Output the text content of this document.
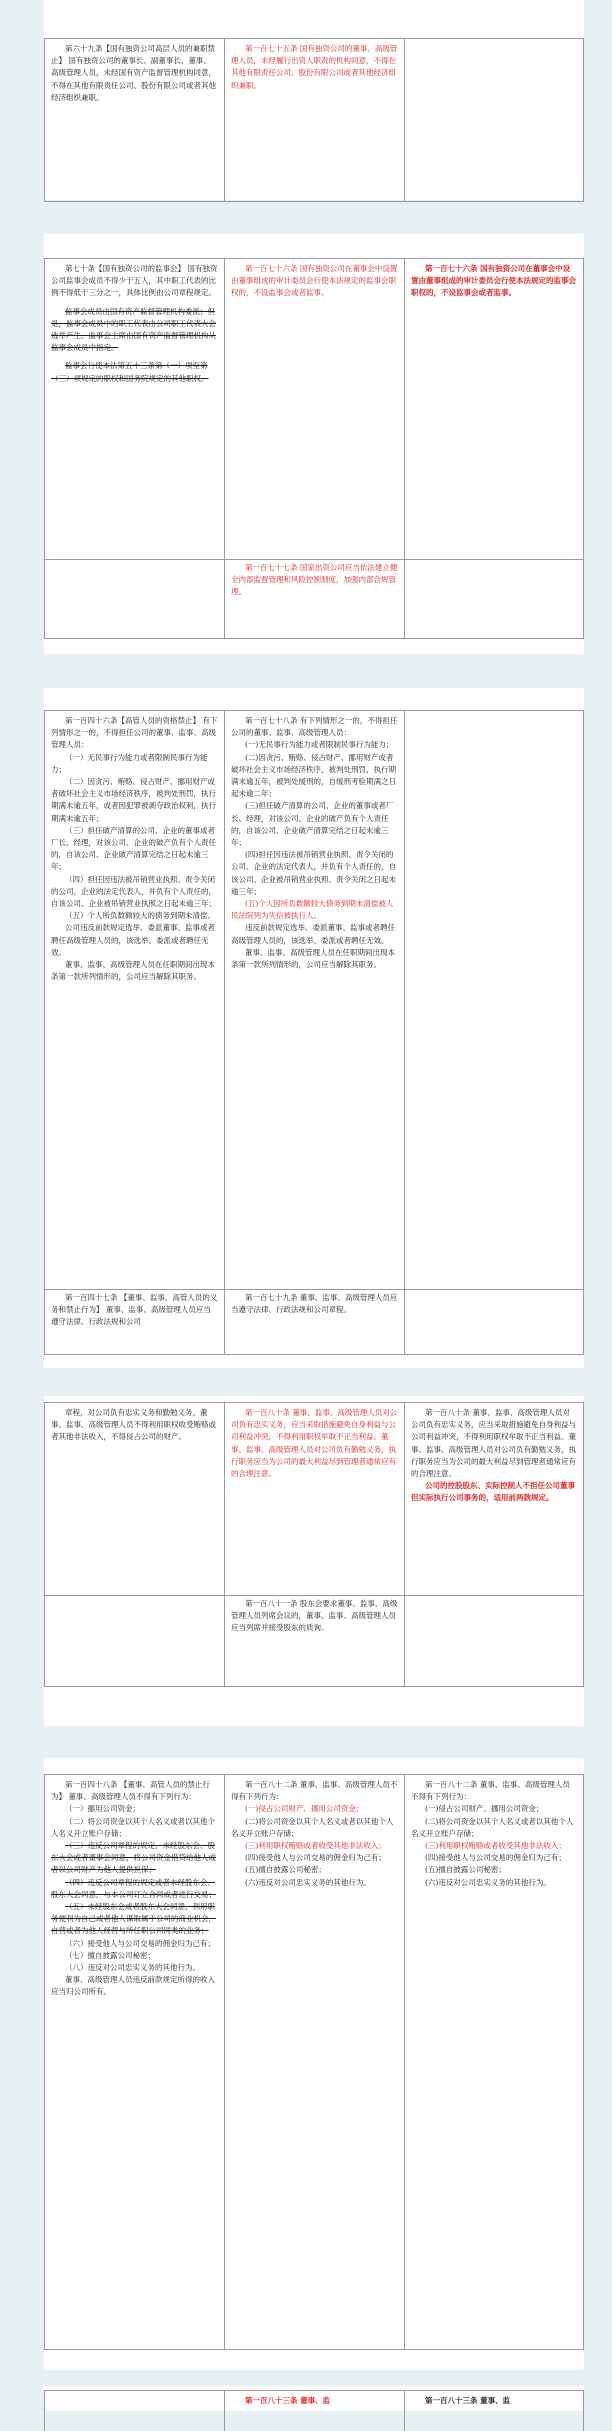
第六十九条【国有独资公司高层人员的兼职禁止】 国有独资公司的董事长、副董事长、董事、高级管理人员，未经国有资产监督管理机构同意，不得在其他有限责任公司、股份有限公司或者其他经济组织兼职。

第一百七十五条 国有独资公司的董事、高级管理人员，未经履行出资人职责的机构同意，不得在其他有限责任公司、股份有限公司或者其他经济组织兼职。

第七十条【国有独资公司的监事会】 国有独资公司监事会成员不得少于五人，其中职工代表的比例不得低于三分之一，具体比例由公司章程规定。

监事会成员由国有资产监督管理机构委派；但是，监事会成员中的职工代表由公司职工代表大会选举产生。监事会主席由国有资产监督管理机构从监事会成员中指定。

监事会行使本法第五十三条第（一）项至第（三）项规定的职权和国务院规定的其他职权。

第一百七十六条 国有独资公司在董事会中设置由董事组成的审计委员会行使本法规定的监事会职权的，不设监事会或者监事。

第一百七十六条 国有独资公司在董事会中设置由董事组成的审计委员会行使本法规定的监事会职权的，不设监事会或者监事。

第一百七十七条 国家出资公司应当依法建立健全内部监督管理和风险控制制度，加强内部合规管理。

第一百四十六条【高管人员的资格禁止】 有下列情形之一的，不得担任公司的董事、监事、高级管理人员：

（一）无民事行为能力或者限制民事行为能力；

（二）因贪污、贿赂、侵占财产、挪用财产或者破坏社会主义市场经济秩序，被判处刑罚，执行期满未逾五年，或者因犯罪被剥夺政治权利，执行期满未逾五年；

（三）担任破产清算的公司、企业的董事或者厂长、经理，对该公司、企业的破产负有个人责任的，自该公司、企业破产清算完结之日起未逾三年；

（四）担任因违法被吊销营业执照、责令关闭的公司、企业的法定代表人，并负有个人责任的，自该公司、企业被吊销营业执照之日起未逾三年；

（五）个人所负数额较大的债务到期未清偿。

公司违反前款规定选举、委派董事、监事或者聘任高级管理人员的，该选举、委派或者聘任无效。

董事、监事、高级管理人员在任职期间出现本条第一款所列情形的，公司应当解除其职务。

第一百七十八条 有下列情形之一的，不得担任公司的董事、监事、高级管理人员：

(一)无民事行为能力或者限制民事行为能力；

(二)因贪污、贿赂、侵占财产、挪用财产或者破坏社会主义市场经济秩序，被判处刑罚，执行期满未逾五年，被判处缓刑的，自缓刑考验期满之日起未逾二年；

(三)担任破产清算的公司、企业的董事或者厂长、经理，对该公司、企业的破产负有个人责任的，自该公司、企业破产清算完结之日起未逾三年；

(四)担任因违法被吊销营业执照、责令关闭的公司、企业的法定代表人，并负有个人责任的，自该公司、企业被吊销营业执照、责令关闭之日起未逾三年；

(五)个人因所负数额较大债务到期未清偿被人民法院列为失信被执行人。

违反前款规定选举、委派董事、监事或者聘任高级管理人员的，该选举、委派或者聘任无效。

董事、监事、高级管理人员在任职期间出现本条第一款所列情形的，公司应当解除其职务。

第一百四十七条 【董事、监事、高管人员的义务和禁止行为】 董事、监事、高级管理人员应当遵守法律、行政法规和公司

第一百七十九条 董事、监事、高级管理人员应当遵守法律、行政法规和公司章程。

章程，对公司负有忠实义务和勤勉义务。董事、监事、高级管理人员不得利用职权收受贿赂或者其他非法收入，不得侵占公司的财产。

第一百八十条 董事、监事、高级管理人员对公司负有忠实义务，应当采取措施避免自身利益与公司利益冲突，不得利用职权牟取不正当利益。董事、监事、高级管理人员对公司负有勤勉义务，执行职务应当为公司的最大利益尽到管理者通常应有的合理注意。

第一百八十条 董事、监事、高级管理人员对公司负有忠实义务，应当采取措施避免自身利益与公司利益冲突，不得利用职权牟取不正当利益。董事、监事、高级管理人员对公司负有勤勉义务，执行职务应当为公司的最大利益尽到管理者通常应有的合理注意。

公司的控股股东、实际控制人不担任公司董事但实际执行公司事务的，适用前两款规定。

第一百八十一条 股东会要求董事、监事、高级管理人员列席会议的，董事、监事、高级管理人员应当列席并接受股东的质询。

第一百四十八条 【董事、高管人员的禁止行为】 董事、高级管理人员不得有下列行为：

（一）挪用公司资金；

（二）将公司资金以其个人名义或者以其他个人名义开立账户存储；

（三）违反公司章程的规定，未经股东会、股东大会或者董事会同意，将公司资金借贷给他人或者以公司财产为他人提供担保；

（四）违反公司章程的规定或者未经股东会、股东大会同意，与本公司订立合同或者进行交易；

（五）未经股东会或者股东大会同意，利用职务便利为自己或者他人谋取属于公司的商业机会，自营或者为他人经营与所任职公司同类的业务；

（六）接受他人与公司交易的佣金归为己有；

（七）擅自披露公司秘密；

（八）违反对公司忠实义务的其他行为。

董事、高级管理人员违反前款规定所得的收入应当归公司所有。

第一百八十二条 董事、监事、高级管理人员不得有下列行为：

(一)侵占公司财产、挪用公司资金；

(二)将公司资金以其个人名义或者以其他个人名义开立账户存储；

(三)利用职权贿赂或者收受其他非法收入；

(四)接受他人与公司交易的佣金归为己有；

(五)擅自披露公司秘密；

(六)违反对公司忠实义务的其他行为。

第一百八十二条 董事、监事、高级管理人员不得有下列行为：

(一)侵占公司财产、挪用公司资金；

(二)将公司资金以其个人名义或者以其他个人名义开立账户存储；

(三)利用职权贿赂或者收受其他非法收入；

(四)接受他人与公司交易的佣金归为己有；

(五)擅自披露公司秘密；

(六)违反对公司忠实义务的其他行为。

第一百八十三条 董事、监	第一百八十三条 董事、监
